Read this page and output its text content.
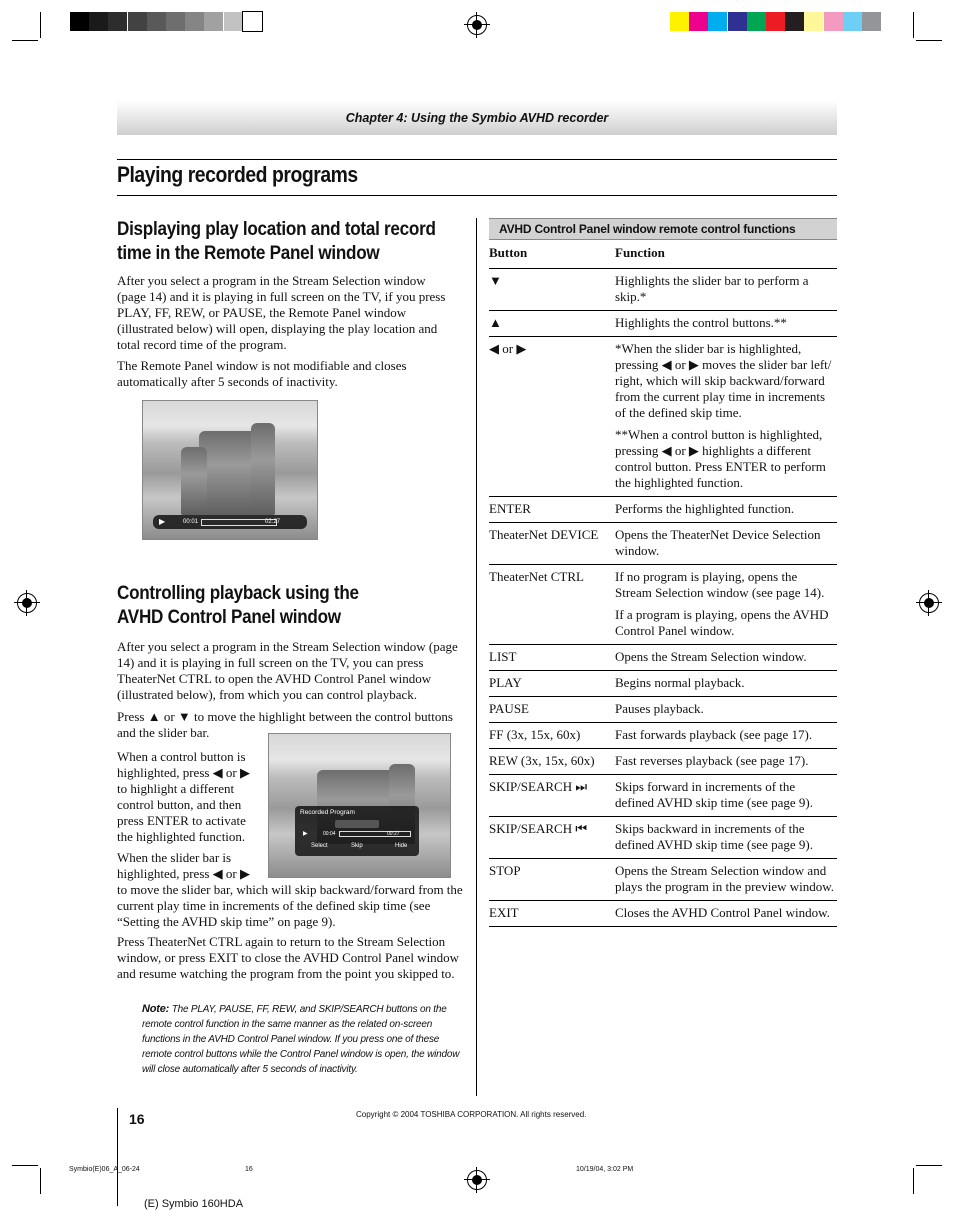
Chapter 4: Using the Symbio AVHD recorder
Playing recorded programs
Displaying play location and total record
time in the Remote Panel window

After you select a program in the Stream Selection window (page 14) and it is playing in full screen on the TV, if you press PLAY, FF, REW, or PAUSE, the Remote Panel window (illustrated below) will open, displaying the play location and total record time of the program.

The Remote Panel window is not modifiable and closes automatically after 5 seconds of inactivity.

▶	00:01	02:27
Controlling playback using the
AVHD Control Panel window

After you select a program in the Stream Selection window (page 14) and it is playing in full screen on the TV, you can press TheaterNet CTRL to open the AVHD Control Panel window (illustrated below), from which you can control playback.

Press ▲ or ▼ to move the highlight between the control buttons and the slider bar.

When a control button is highlighted, press ◀ or ▶ to highlight a different control button, and then press ENTER to activate the highlighted function.

When the slider bar is highlighted, press ◀ or ▶

to move the slider bar, which will skip backward/forward from the current play time in increments of the defined skip time (see “Setting the AVHD skip time” on page 9).

Press TheaterNet CTRL again to return to the Stream Selection window, or press EXIT to close the AVHD Control Panel window and resume watching the program from the point you skipped to.

Recorded Program
▶	00:04	00:27
Select	Skip	Hide
Note: The PLAY, PAUSE, FF, REW, and SKIP/SEARCH buttons on the remote control function in the same manner as the related on-screen functions in the AVHD Control Panel window. If you press one of these remote control buttons while the Control Panel window is open, the window will close automatically after 5 seconds of inactivity.
AVHD Control Panel window remote control functions
Button	Function
▼	Highlights the slider bar to perform a skip.*

▲	Highlights the control buttons.**

◀ or ▶	*When the slider bar is highlighted, pressing ◀ or ▶ moves the slider bar left/ right, which will skip backward/forward from the current play time in increments of the defined skip time.

**When a control button is highlighted, pressing ◀ or ▶ highlights a different control button. Press ENTER to perform the highlighted function.

ENTER	Performs the highlighted function.

TheaterNet DEVICE	Opens the TheaterNet Device Selection window.

TheaterNet CTRL	If no program is playing, opens the Stream Selection window (see page 14).

If a program is playing, opens the AVHD Control Panel window.

LIST	Opens the Stream Selection window.

PLAY	Begins normal playback.

PAUSE	Pauses playback.

FF (3x, 15x, 60x)	Fast forwards playback (see page 17).

REW (3x, 15x, 60x)	Fast reverses playback (see page 17).

SKIP/SEARCH ⏭	Skips forward in increments of the defined AVHD skip time (see page 9).

SKIP/SEARCH ⏮	Skips backward in increments of the defined AVHD skip time (see page 9).

STOP	Opens the Stream Selection window and plays the program in the preview window.

EXIT	Closes the AVHD Control Panel window.

16	Copyright © 2004 TOSHIBA CORPORATION. All rights reserved.
Symbio(E)06_A_06-24	16	10/19/04, 3:02 PM
(E) Symbio 160HDA
